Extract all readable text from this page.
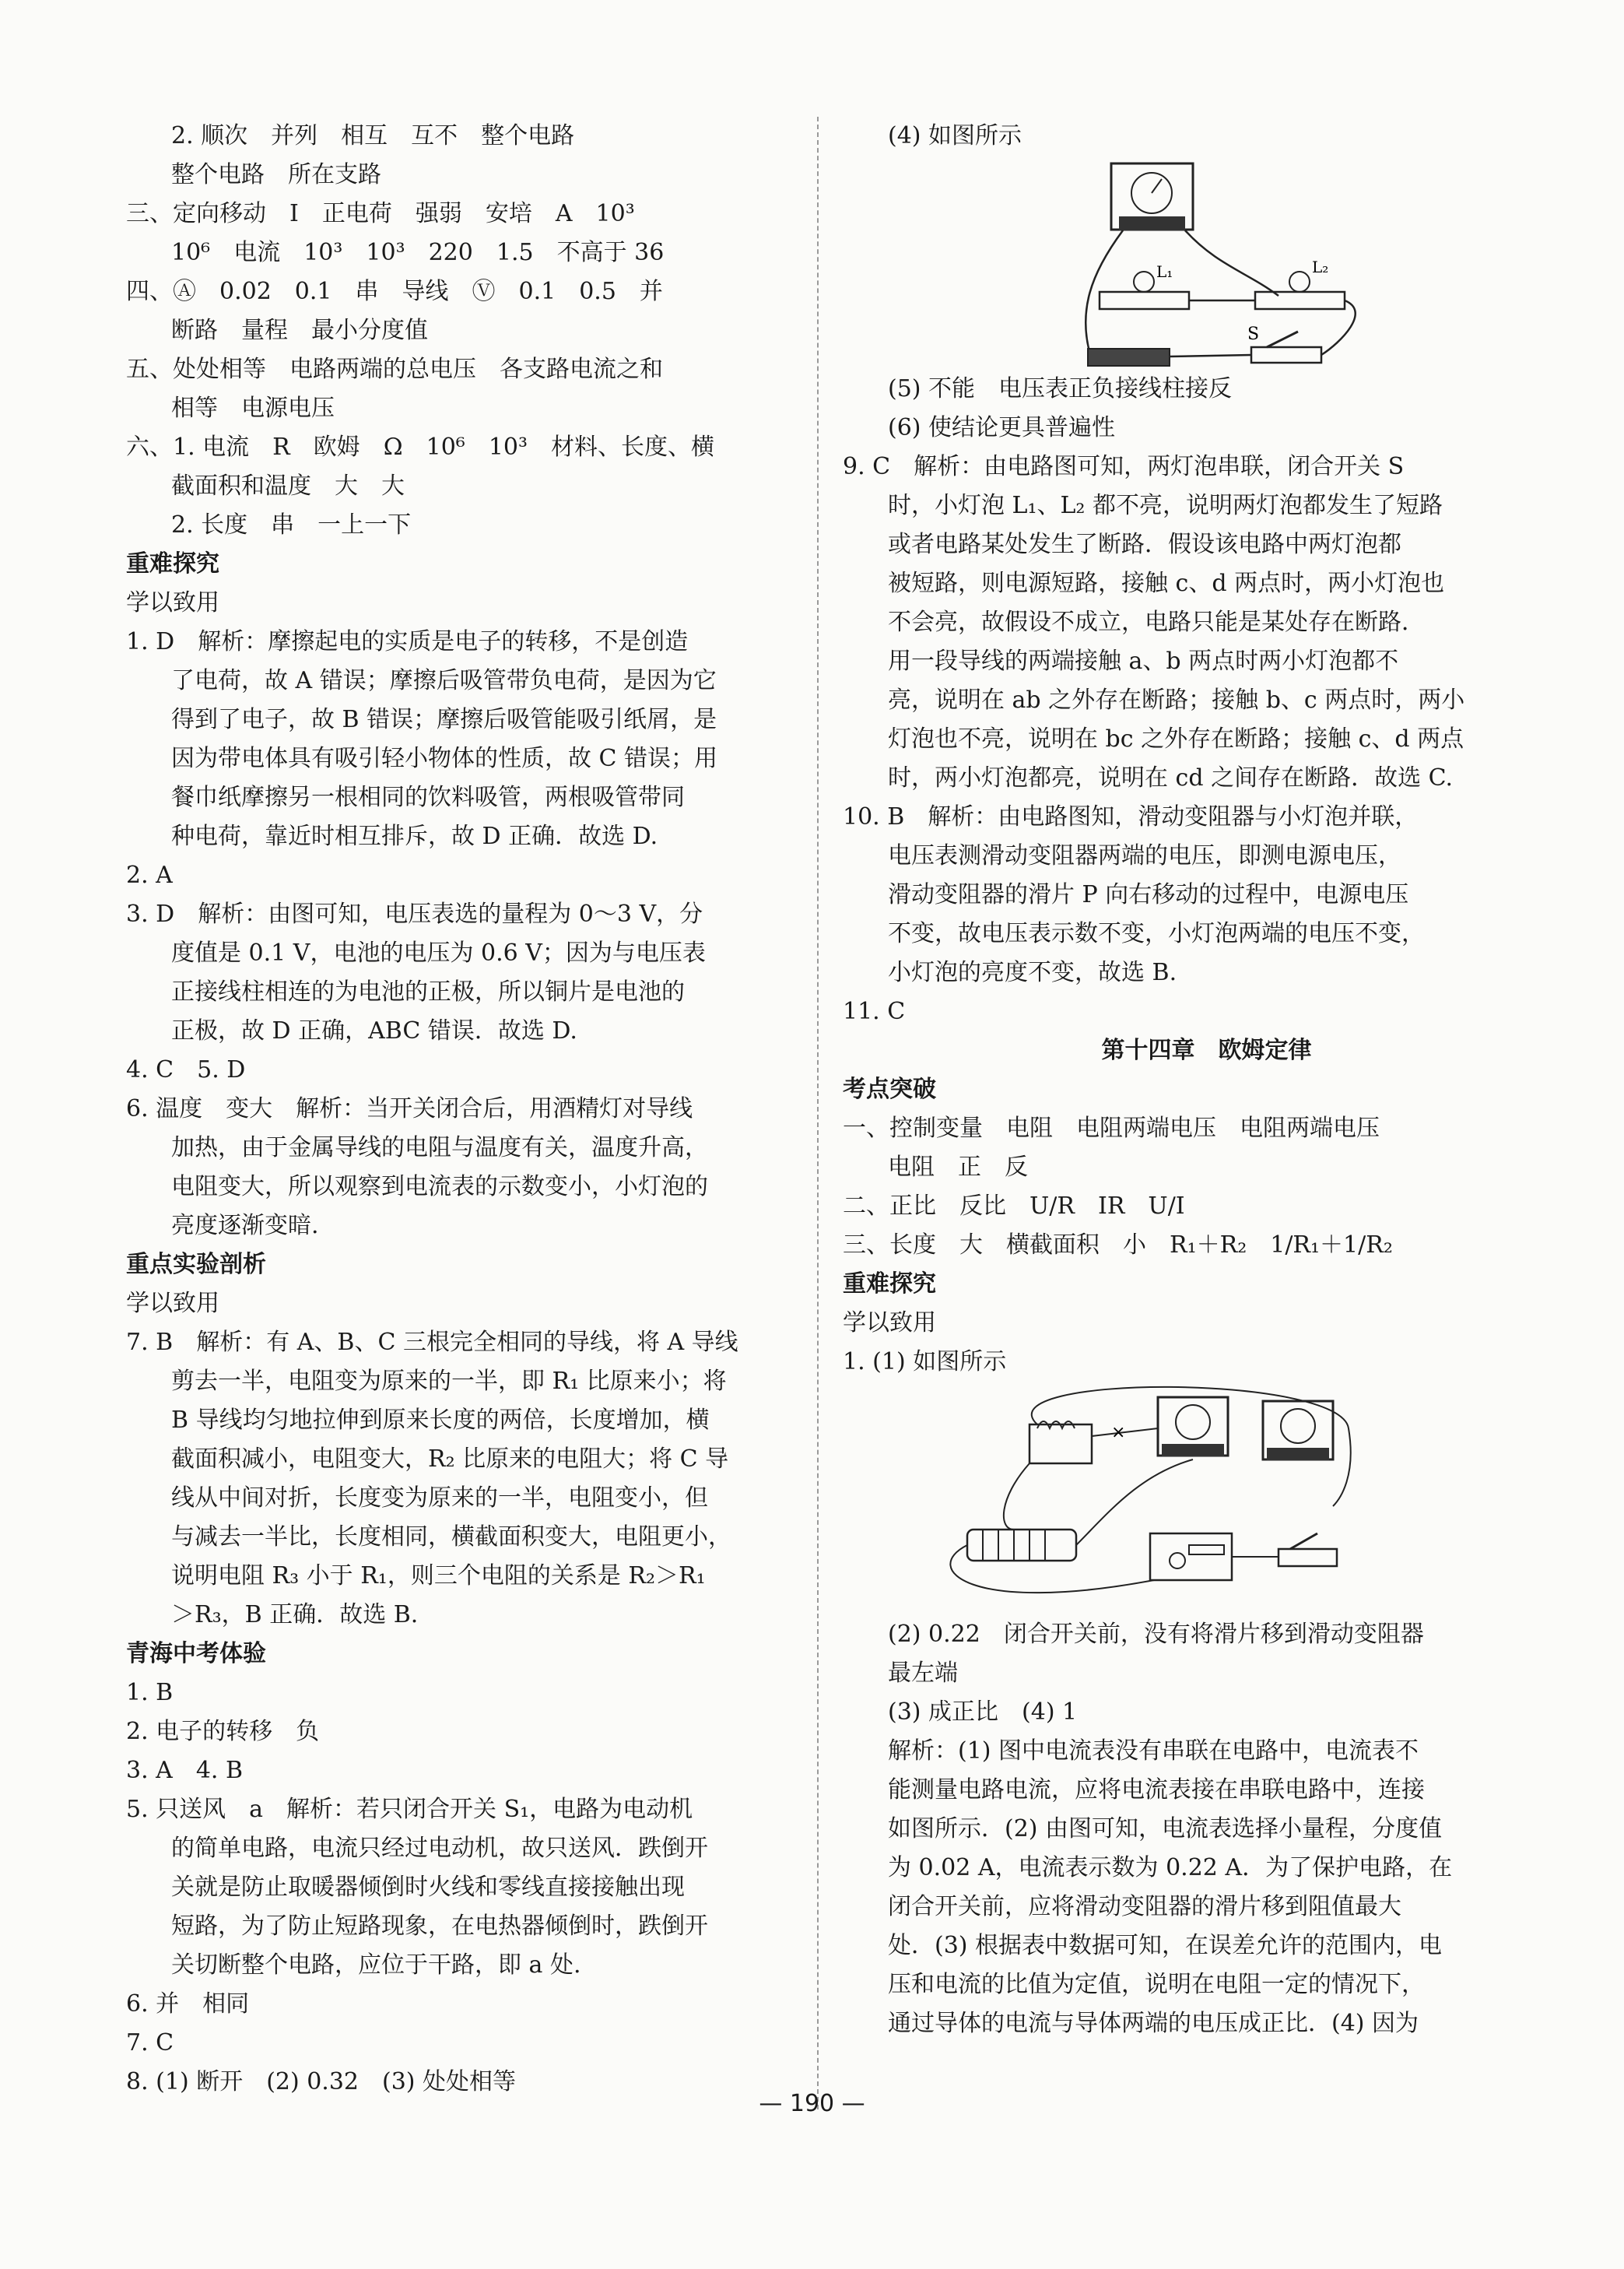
2. 顺次　并列　相互　互不　整个电路
整个电路　所在支路
三、定向移动　I　正电荷　强弱　安培　A　10³
10⁶　电流　10³　10³　220　1.5　不高于 36
四、Ⓐ　0.02　0.1　串　导线　Ⓥ　0.1　0.5　并
断路　量程　最小分度值
五、处处相等　电路两端的总电压　各支路电流之和
相等　电源电压
六、1. 电流　R　欧姆　Ω　10⁶　10³　材料、长度、横
截面积和温度　大　大
2. 长度　串　一上一下
重难探究
学以致用
1. D　解析：摩擦起电的实质是电子的转移，不是创造
了电荷，故 A 错误；摩擦后吸管带负电荷，是因为它
得到了电子，故 B 错误；摩擦后吸管能吸引纸屑，是
因为带电体具有吸引轻小物体的性质，故 C 错误；用
餐巾纸摩擦另一根相同的饮料吸管，两根吸管带同
种电荷，靠近时相互排斥，故 D 正确．故选 D.
2. A
3. D　解析：由图可知，电压表选的量程为 0～3 V，分
度值是 0.1 V，电池的电压为 0.6 V；因为与电压表
正接线柱相连的为电池的正极，所以铜片是电池的
正极，故 D 正确，ABC 错误．故选 D.
4. C　5. D
6. 温度　变大　解析：当开关闭合后，用酒精灯对导线
加热，由于金属导线的电阻与温度有关，温度升高，
电阻变大，所以观察到电流表的示数变小，小灯泡的
亮度逐渐变暗.
重点实验剖析
学以致用
7. B　解析：有 A、B、C 三根完全相同的导线，将 A 导线
剪去一半，电阻变为原来的一半，即 R₁ 比原来小；将
B 导线均匀地拉伸到原来长度的两倍，长度增加，横
截面积减小，电阻变大，R₂ 比原来的电阻大；将 C 导
线从中间对折，长度变为原来的一半，电阻变小，但
与减去一半比，长度相同，横截面积变大，电阻更小，
说明电阻 R₃ 小于 R₁，则三个电阻的关系是 R₂＞R₁
＞R₃，B 正确．故选 B.
青海中考体验
1. B
2. 电子的转移　负
3. A　4. B
5. 只送风　a　解析：若只闭合开关 S₁，电路为电动机
的简单电路，电流只经过电动机，故只送风．跌倒开
关就是防止取暖器倾倒时火线和零线直接接触出现
短路，为了防止短路现象，在电热器倾倒时，跌倒开
关切断整个电路，应位于干路，即 a 处.
6. 并　相同
7. C
8. (1) 断开　(2) 0.32　(3) 处处相等
(4) 如图所示
L₁	L₂
S
(5) 不能　电压表正负接线柱接反
(6) 使结论更具普遍性
9. C　解析：由电路图可知，两灯泡串联，闭合开关 S
时，小灯泡 L₁、L₂ 都不亮，说明两灯泡都发生了短路
或者电路某处发生了断路．假设该电路中两灯泡都
被短路，则电源短路，接触 c、d 两点时，两小灯泡也
不会亮，故假设不成立，电路只能是某处存在断路．
用一段导线的两端接触 a、b 两点时两小灯泡都不
亮，说明在 ab 之外存在断路；接触 b、c 两点时，两小
灯泡也不亮，说明在 bc 之外存在断路；接触 c、d 两点
时，两小灯泡都亮，说明在 cd 之间存在断路．故选 C.
10. B　解析：由电路图知，滑动变阻器与小灯泡并联，
电压表测滑动变阻器两端的电压，即测电源电压，
滑动变阻器的滑片 P 向右移动的过程中，电源电压
不变，故电压表示数不变，小灯泡两端的电压不变，
小灯泡的亮度不变，故选 B.
11. C
第十四章　欧姆定律
考点突破
一、控制变量　电阻　电阻两端电压　电阻两端电压
电阻　正　反
二、正比　反比　U/R　IR　U/I
三、长度　大　横截面积　小　R₁＋R₂　1/R₁＋1/R₂
重难探究
学以致用
1. (1) 如图所示
×
(2) 0.22　闭合开关前，没有将滑片移到滑动变阻器
最左端
(3) 成正比　(4) 1
解析：(1) 图中电流表没有串联在电路中，电流表不
能测量电路电流，应将电流表接在串联电路中，连接
如图所示．(2) 由图可知，电流表选择小量程，分度值
为 0.02 A，电流表示数为 0.22 A．为了保护电路，在
闭合开关前，应将滑动变阻器的滑片移到阻值最大
处．(3) 根据表中数据可知，在误差允许的范围内，电
压和电流的比值为定值，说明在电阻一定的情况下，
通过导体的电流与导体两端的电压成正比．(4) 因为
— 190 —
